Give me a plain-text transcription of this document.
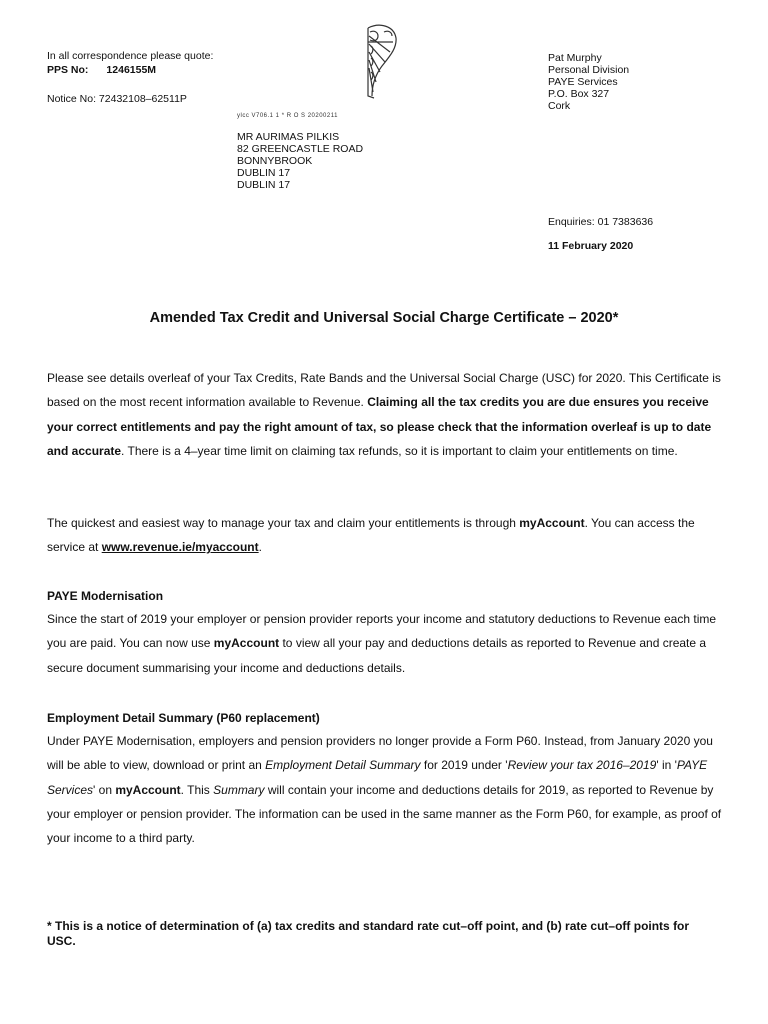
In all correspondence please quote:
PPS No: 1246155M
Notice No: 72432108–62511P
ylcc V706.1 1 * R O S 20200211
MR AURIMAS PILKIS
82 GREENCASTLE ROAD
BONNYBROOK
DUBLIN 17
DUBLIN 17
Pat Murphy
Personal Division
PAYE Services
P.O. Box 327
Cork
Enquiries: 01 7383636
11 February 2020
Amended Tax Credit and Universal Social Charge Certificate – 2020*

Please see details overleaf of your Tax Credits, Rate Bands and the Universal Social Charge (USC) for 2020. This Certificate is based on the most recent information available to Revenue. Claiming all the tax credits you are due ensures you receive your correct entitlements and pay the right amount of tax, so please check that the information overleaf is up to date and accurate. There is a 4–year time limit on claiming tax refunds, so it is important to claim your entitlements on time.

The quickest and easiest way to manage your tax and claim your entitlements is through myAccount. You can access the service at www.revenue.ie/myaccount.

PAYE Modernisation

Since the start of 2019 your employer or pension provider reports your income and statutory deductions to Revenue each time you are paid. You can now use myAccount to view all your pay and deductions details as reported to Revenue and create a secure document summarising your income and deductions details.

Employment Detail Summary (P60 replacement)

Under PAYE Modernisation, employers and pension providers no longer provide a Form P60. Instead, from January 2020 you will be able to view, download or print an Employment Detail Summary for 2019 under 'Review your tax 2016–2019' in 'PAYE Services' on myAccount. This Summary will contain your income and deductions details for 2019, as reported to Revenue by your employer or pension provider. The information can be used in the same manner as the Form P60, for example, as proof of your income to a third party.

* This is a notice of determination of (a) tax credits and standard rate cut–off point, and (b) rate cut–off points for USC.
